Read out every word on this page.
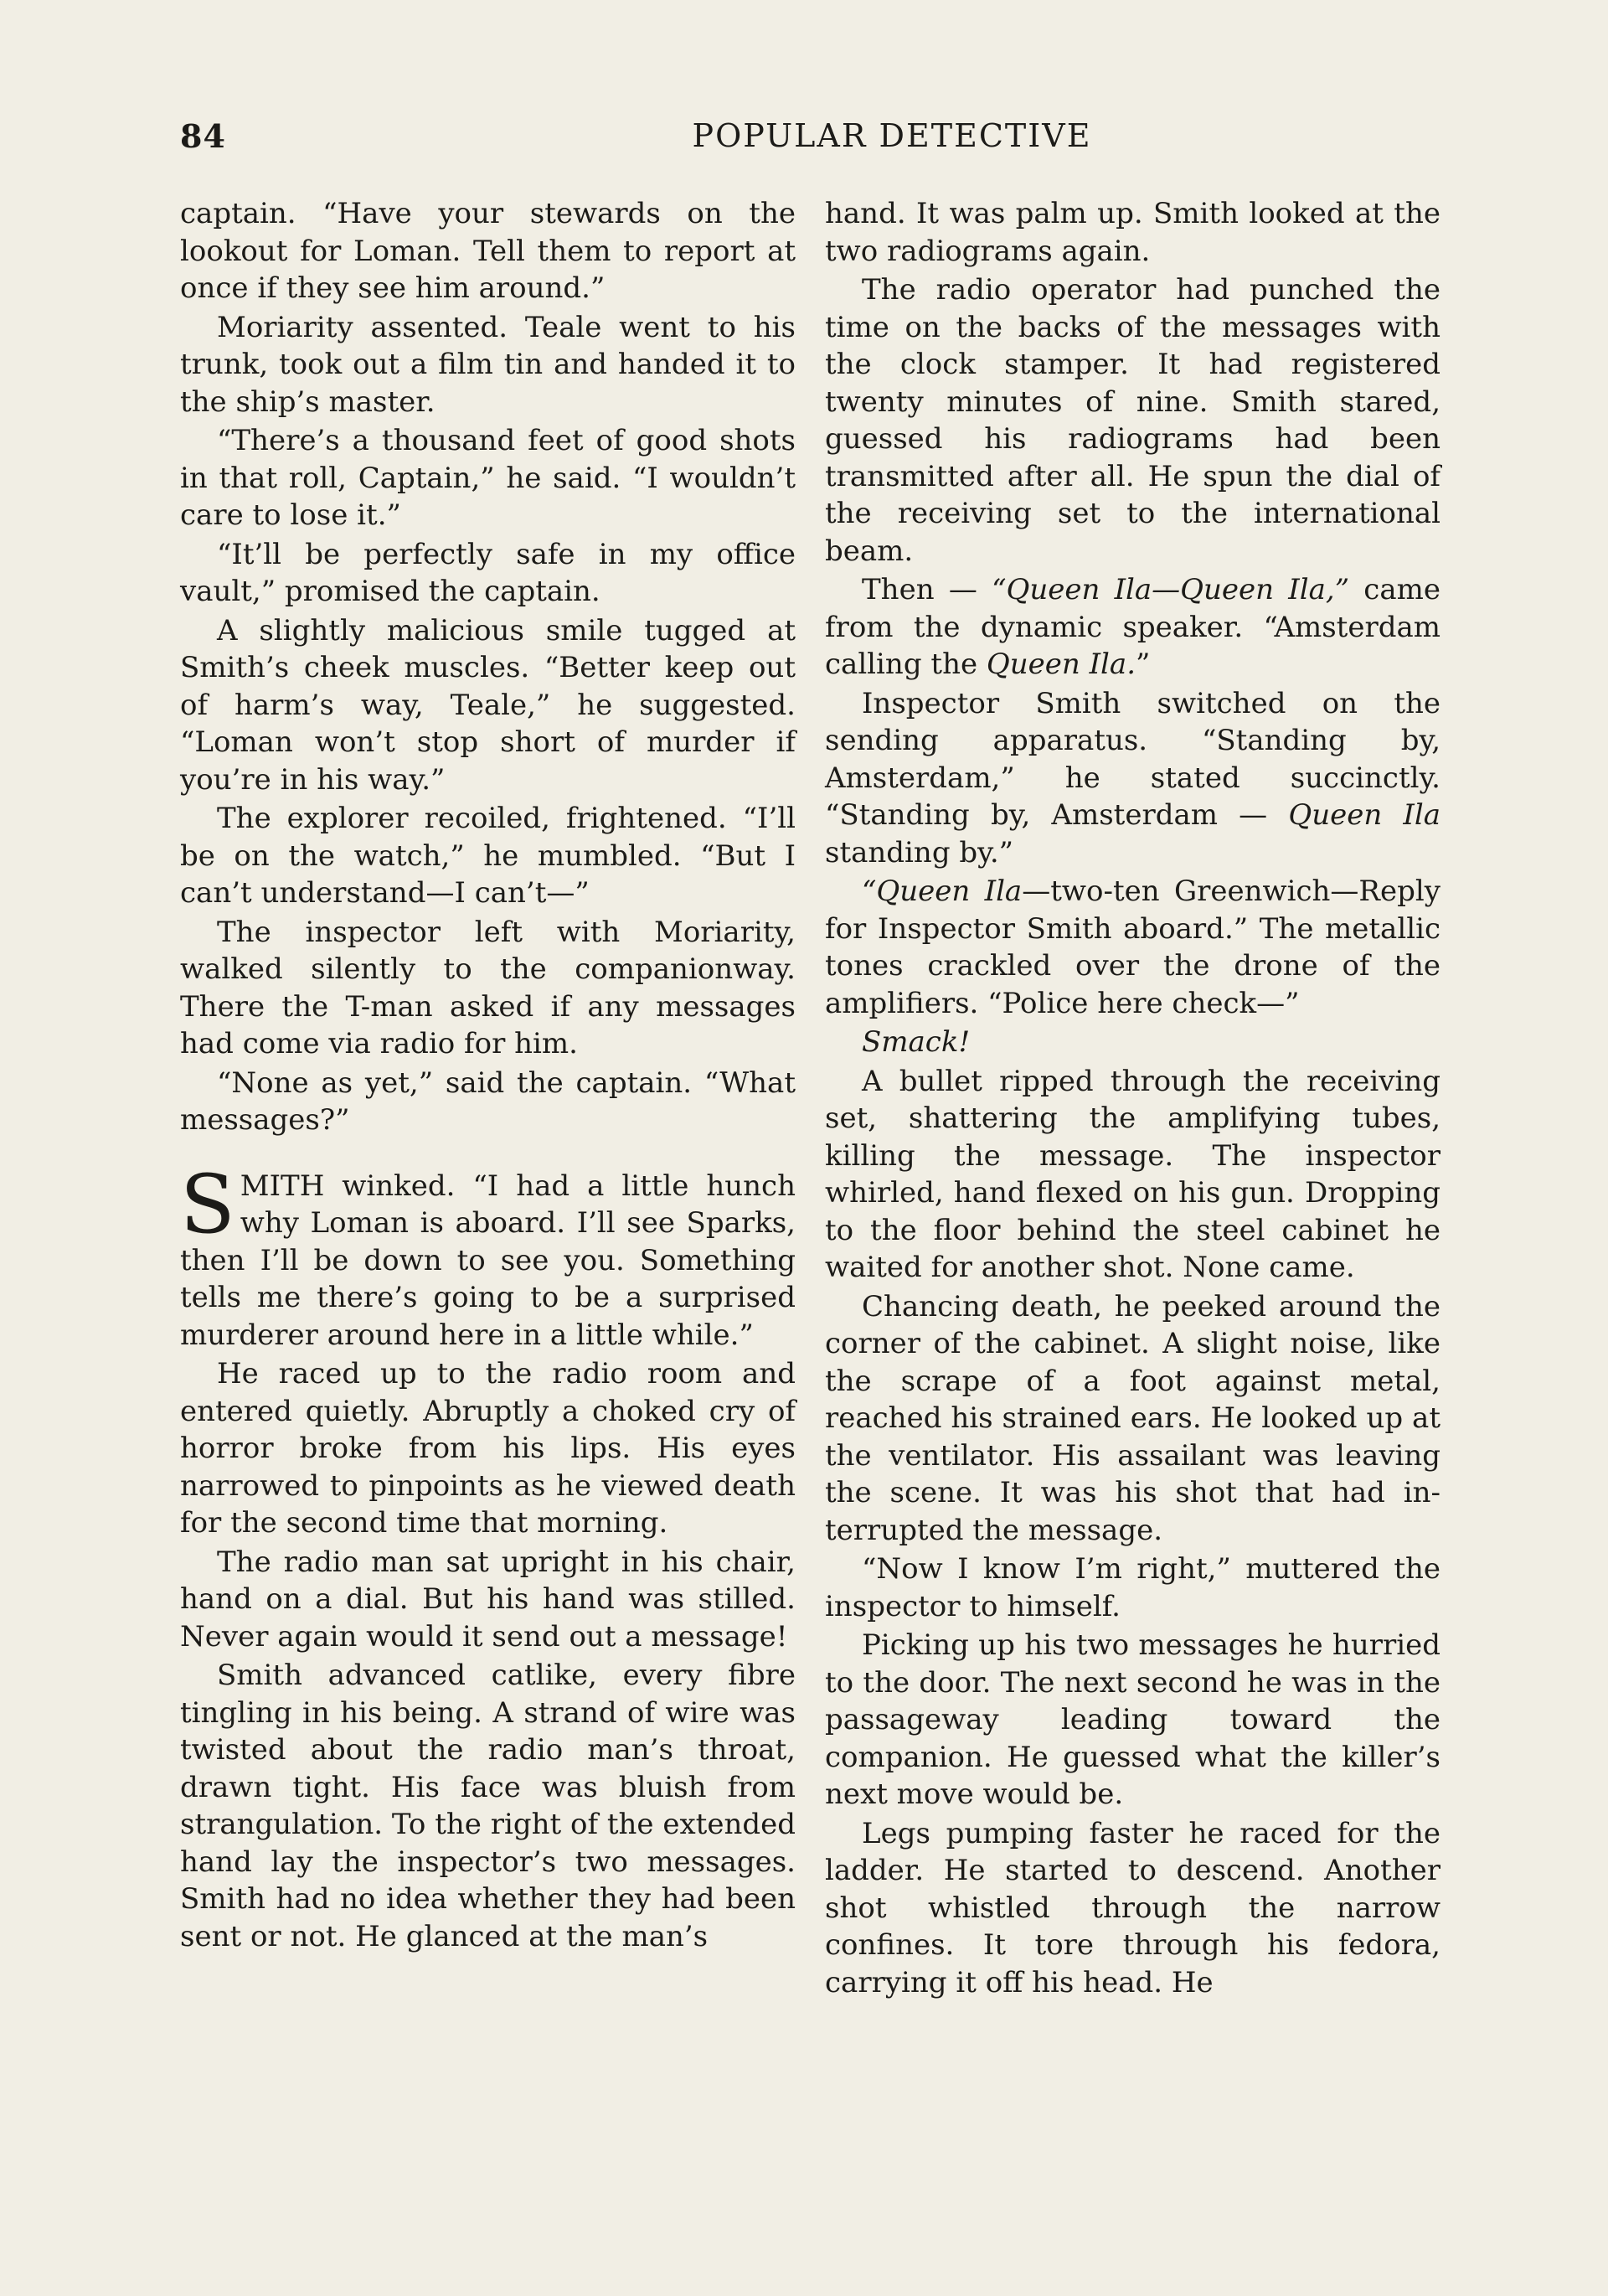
84	POPULAR DETECTIVE

captain. “Have your stewards on the lookout for Loman. Tell them to report at once if they see him around.”

Moriarity assented. Teale went to his trunk, took out a film tin and handed it to the ship’s master.

“There’s a thousand feet of good shots in that roll, Captain,” he said. “I wouldn’t care to lose it.”

“It’ll be perfectly safe in my office vault,” promised the captain.

A slightly malicious smile tugged at Smith’s cheek muscles. “Better keep out of harm’s way, Teale,” he suggested. “Loman won’t stop short of murder if you’re in his way.”

The explorer recoiled, frightened. “I’ll be on the watch,” he mumbled. “But I can’t understand—I can’t—”

The inspector left with Moriarity, walked silently to the companionway. There the T-man asked if any messages had come via radio for him.

“None as yet,” said the captain. “What messages?”

SMITH winked. “I had a little hunch why Loman is aboard. I’ll see Sparks, then I’ll be down to see you. Something tells me there’s going to be a surprised murderer around here in a little while.”

He raced up to the radio room and entered quietly. Abruptly a choked cry of horror broke from his lips. His eyes narrowed to pinpoints as he viewed death for the second time that morning.

The radio man sat upright in his chair, hand on a dial. But his hand was stilled. Never again would it send out a message!

Smith advanced catlike, every fibre tingling in his being. A strand of wire was twisted about the radio man’s throat, drawn tight. His face was bluish from strangulation. To the right of the extended hand lay the inspector’s two messages. Smith had no idea whether they had been sent or not. He glanced at the man’s

hand. It was palm up. Smith looked at the two radiograms again.

The radio operator had punched the time on the backs of the messages with the clock stamper. It had registered twenty minutes of nine. Smith stared, guessed his radiograms had been transmitted after all. He spun the dial of the receiving set to the international beam.

Then — “Queen Ila—Queen Ila,” came from the dynamic speaker. “Amsterdam calling the Queen Ila.”

Inspector Smith switched on the sending apparatus. “Standing by, Amsterdam,” he stated succinctly. “Standing by, Amsterdam — Queen Ila standing by.”

“Queen Ila—two-ten Greenwich—Reply for Inspector Smith aboard.” The metallic tones crackled over the drone of the amplifiers. “Police here check—”

Smack!

A bullet ripped through the receiving set, shattering the amplifying tubes, killing the message. The inspector whirled, hand flexed on his gun. Dropping to the floor behind the steel cabinet he waited for another shot. None came.

Chancing death, he peeked around the corner of the cabinet. A slight noise, like the scrape of a foot against metal, reached his strained ears. He looked up at the ventilator. His assailant was leaving the scene. It was his shot that had interrupted the message.

“Now I know I’m right,” muttered the inspector to himself.

Picking up his two messages he hurried to the door. The next second he was in the passageway leading toward the companion. He guessed what the killer’s next move would be.

Legs pumping faster he raced for the ladder. He started to descend. Another shot whistled through the narrow confines. It tore through his fedora, carrying it off his head. He
